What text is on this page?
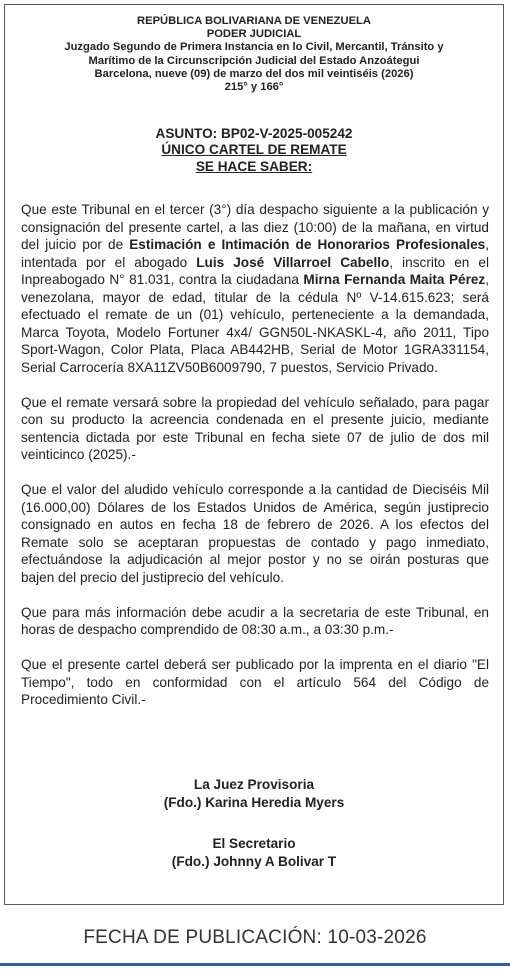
REPÚBLICA BOLIVARIANA DE VENEZUELA
PODER JUDICIAL
Juzgado Segundo de Primera Instancia en lo Civil, Mercantil, Tránsito y
Marítimo de la Circunscripción Judicial del Estado Anzoátegui
Barcelona, nueve (09) de marzo del dos mil veintiséis (2026)
215° y 166°
ASUNTO: BP02-V-2025-005242
ÚNICO CARTEL DE REMATE
SE HACE SABER:

Que este Tribunal en el tercer (3°) día despacho siguiente a la publicación y consignación del presente cartel, a las diez (10:00) de la mañana, en virtud del juicio por de Estimación e Intimación de Honorarios Profesionales, intentada por el abogado Luis José Villarroel Cabello, inscrito en el Inpreabogado N° 81.031, contra la ciudadana Mirna Fernanda Maita Pérez, venezolana, mayor de edad, titular de la cédula Nº V-14.615.623; será efectuado el remate de un (01) vehículo, perteneciente a la demandada, Marca Toyota, Modelo Fortuner 4x4/ GGN50L-NKASKL-4, año 2011, Tipo Sport-Wagon, Color Plata, Placa AB442HB, Serial de Motor 1GRA331154, Serial Carrocería 8XA11ZV50B6009790, 7 puestos, Servicio Privado.

Que el remate versará sobre la propiedad del vehículo señalado, para pagar con su producto la acreencia condenada en el presente juicio, mediante sentencia dictada por este Tribunal en fecha siete 07 de julio de dos mil veinticinco (2025).-

Que el valor del aludido vehículo corresponde a la cantidad de Dieciséis Mil (16.000,00) Dólares de los Estados Unidos de América, según justiprecio consignado en autos en fecha 18 de febrero de 2026. A los efectos del Remate solo se aceptaran propuestas de contado y pago inmediato, efectuándose la adjudicación al mejor postor y no se oirán posturas que bajen del precio del justiprecio del vehículo.

Que para más información debe acudir a la secretaria de este Tribunal, en horas de despacho comprendido de 08:30 a.m., a 03:30 p.m.-

Que el presente cartel deberá ser publicado por la imprenta en el diario "El Tiempo", todo en conformidad con el artículo 564 del Código de Procedimiento Civil.-

La Juez Provisoria
(Fdo.) Karina Heredia Myers
El Secretario
(Fdo.) Johnny A Bolivar T
FECHA DE PUBLICACIÓN: 10-03-2026
